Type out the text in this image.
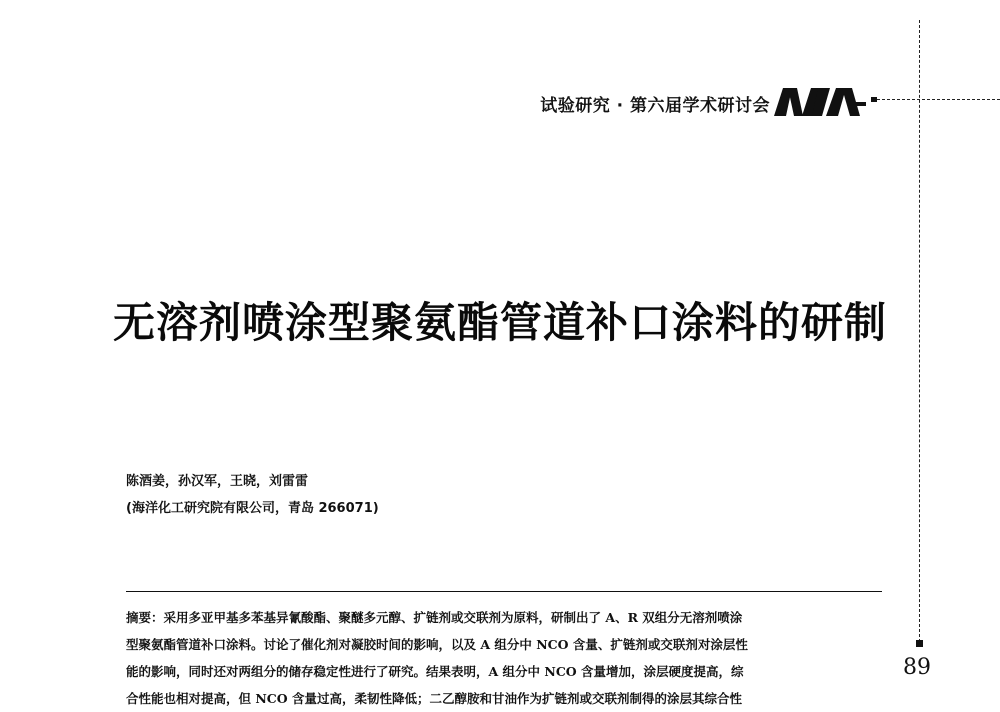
试验研究 · 第六届学术研讨会
无溶剂喷涂型聚氨酯管道补口涂料的研制
陈酒姜，孙汉军，王晓，刘雷雷
(海洋化工研究院有限公司，青岛 266071)
摘要：采用多亚甲基多苯基异氰酸酯、聚醚多元醇、扩链剂或交联剂为原料，研制出了 A、R 双组分无溶剂喷涂
型聚氨酯管道补口涂料。讨论了催化剂对凝胶时间的影响，以及 A 组分中 NCO 含量、扩链剂或交联剂对涂层性
能的影响，同时还对两组分的储存稳定性进行了研究。结果表明，A 组分中 NCO 含量增加，涂层硬度提高，综
合性能也相对提高，但 NCO 含量过高，柔韧性降低；二乙醇胺和甘油作为扩链剂或交联剂制得的涂层其综合性
89
